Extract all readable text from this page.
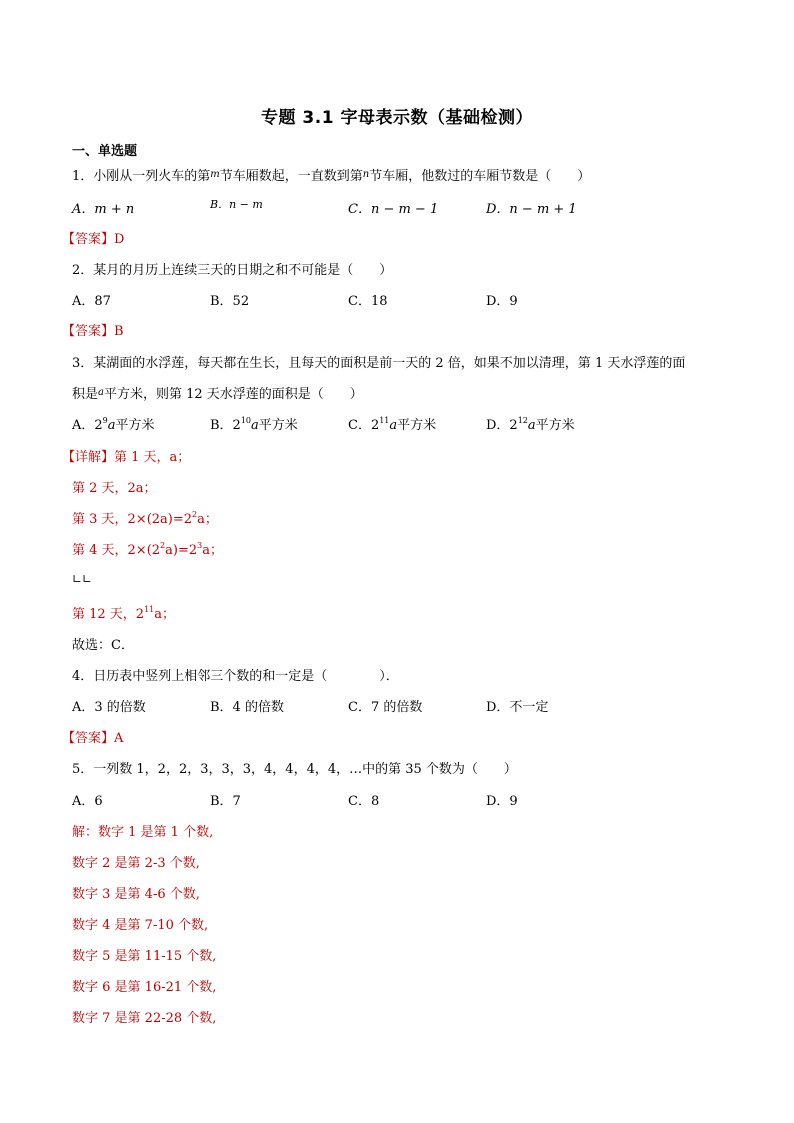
专题 3.1 字母表示数（基础检测）
一、单选题
1．小刚从一列火车的第$^m$节车厢数起，一直数到第$^n$节车厢，他数过的车厢节数是（　　）
A．m + n	B．n − m	C．n − m − 1	D．n − m + 1
【答案】D
2．某月的月历上连续三天的日期之和不可能是（　　）
A．87	B．52	C．18	D．9
【答案】B
3．某湖面的水浮莲，每天都在生长，且每天的面积是前一天的 2 倍，如果不加以清理，第 1 天水浮莲的面
积是$^a$平方米，则第 12 天水浮莲的面积是（　　）
A．$2^9a$平方米	B．$2^{10}a$平方米	C．$2^{11}a$平方米	D．$2^{12}a$平方米
【详解】第 1 天，a；
第 2 天，2a；
第 3 天，$2\times(2a)=2^2a$；
第 4 天，$2\times(2^2a)=2^3a$；
∟∟
第 12 天，$2^{11}a$；
故选：C．
4．日历表中竖列上相邻三个数的和一定是（　　　　）．
A．3 的倍数	B．4 的倍数	C．7 的倍数	D．不一定
【答案】A
5．一列数 1，2，2，3，3，3，4，4，4，4，…中的第 35 个数为（　　）
A．6	B．7	C．8	D．9
解：数字 1 是第 1 个数,
数字 2 是第 2-3 个数,
数字 3 是第 4-6 个数,
数字 4 是第 7-10 个数,
数字 5 是第 11-15 个数,
数字 6 是第 16-21 个数,
数字 7 是第 22-28 个数,
